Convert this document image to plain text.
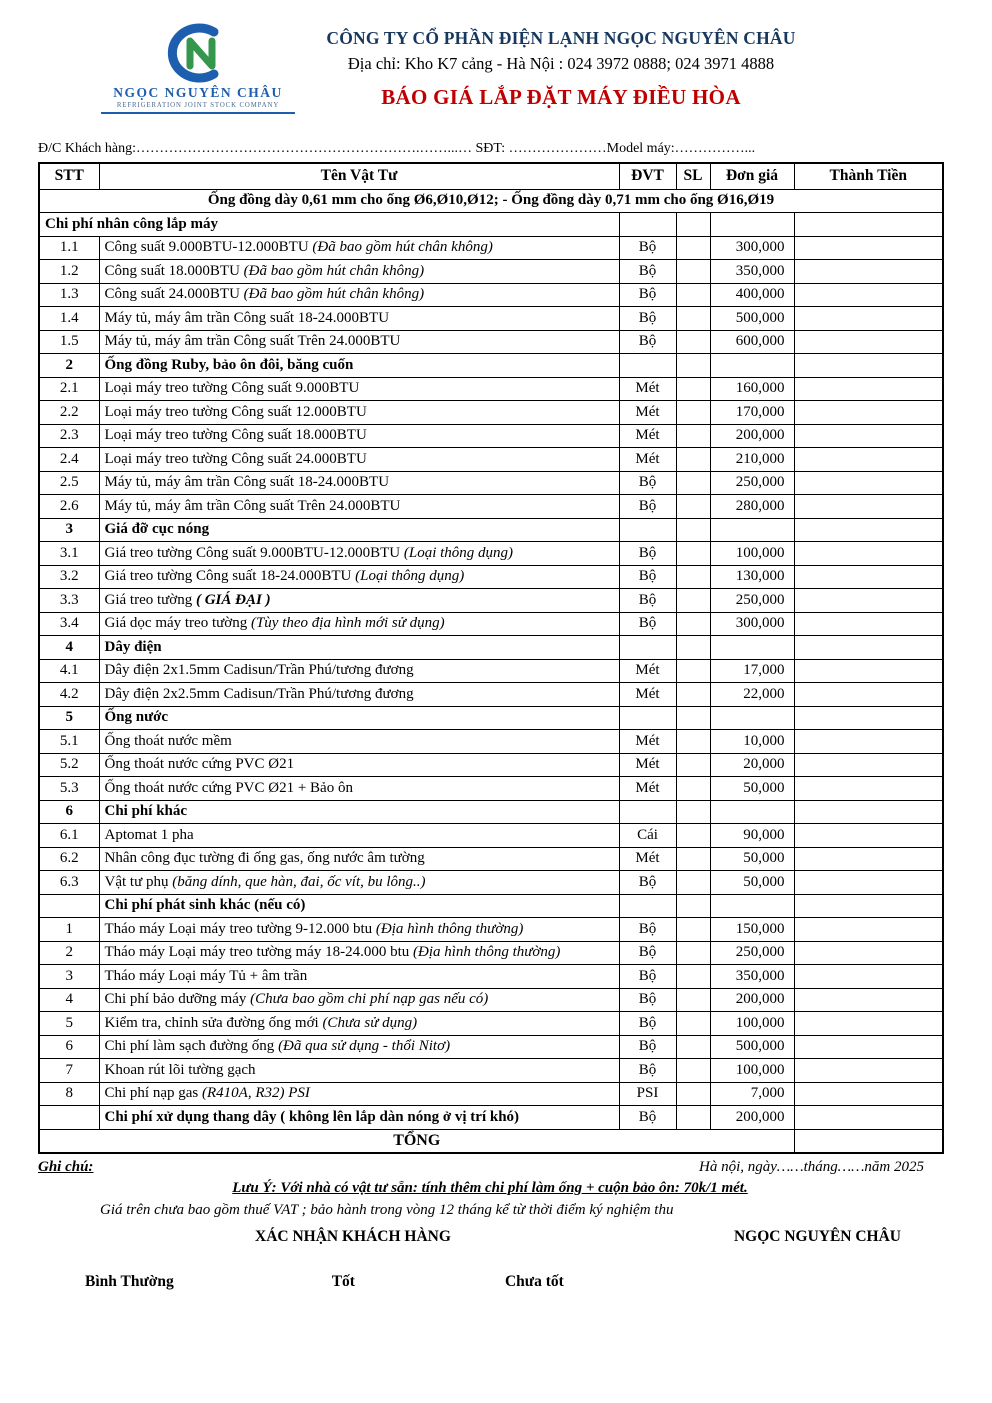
NGỌC NGUYÊN CHÂU
REFRIGERATION JOINT STOCK COMPANY
CÔNG TY CỔ PHẦN ĐIỆN LẠNH NGỌC NGUYÊN CHÂU
Địa chỉ: Kho K7 cảng - Hà Nội : 024 3972 0888; 024 3971 4888
BÁO GIÁ LẮP ĐẶT MÁY ĐIỀU HÒA
Đ/C Khách hàng:…………………………………………………….……...… SĐT: …………………Model máy:……………...
STT	Tên Vật Tư	ĐVT	SL	Đơn giá	Thành Tiền
Ống đồng dày 0,61 mm cho ống Ø6,Ø10,Ø12; - Ống đồng dày 0,71 mm cho ống Ø16,Ø19					
Chi phí nhân công lắp máy					
1.1	Công suất 9.000BTU-12.000BTU (Đã bao gồm hút chân không)	Bộ		300,000	
1.2	Công suất 18.000BTU (Đã bao gồm hút chân không)	Bộ		350,000	
1.3	Công suất 24.000BTU (Đã bao gồm hút chân không)	Bộ		400,000	
1.4	Máy tủ, máy âm trần Công suất 18-24.000BTU	Bộ		500,000	
1.5	Máy tủ, máy âm trần Công suất Trên 24.000BTU	Bộ		600,000	
2	Ống đồng Ruby, bảo ôn đôi, băng cuốn				
2.1	Loại máy treo tường Công suất 9.000BTU	Mét		160,000	
2.2	Loại máy treo tường Công suất 12.000BTU	Mét		170,000	
2.3	Loại máy treo tường Công suất 18.000BTU	Mét		200,000	
2.4	Loại máy treo tường Công suất 24.000BTU	Mét		210,000	
2.5	Máy tủ, máy âm trần Công suất 18-24.000BTU	Bộ		250,000	
2.6	Máy tủ, máy âm trần Công suất Trên 24.000BTU	Bộ		280,000	
3	Giá đỡ cục nóng				
3.1	Giá treo tường Công suất 9.000BTU-12.000BTU (Loại thông dụng)	Bộ		100,000	
3.2	Giá treo tường Công suất 18-24.000BTU (Loại thông dụng)	Bộ		130,000	
3.3	Giá treo tường ( GIÁ ĐẠI )	Bộ		250,000	
3.4	Giá dọc máy treo tường (Tùy theo địa hình mới sử dụng)	Bộ		300,000	
4	Dây điện				
4.1	Dây điện 2x1.5mm Cadisun/Trần Phú/tương đương	Mét		17,000	
4.2	Dây điện 2x2.5mm Cadisun/Trần Phú/tương đương	Mét		22,000	
5	Ống nước				
5.1	Ống thoát nước mềm	Mét		10,000	
5.2	Ống thoát nước cứng PVC Ø21	Mét		20,000	
5.3	Ống thoát nước cứng PVC Ø21 + Bảo ôn	Mét		50,000	
6	Chi phí khác				
6.1	Aptomat 1 pha	Cái		90,000	
6.2	Nhân công đục tường đi ống gas, ống nước âm tường	Mét		50,000	
6.3	Vật tư phụ (băng dính, que hàn, đai, ốc vít, bu lông..)	Bộ		50,000	
	Chi phí phát sinh khác (nếu có)				
1	Tháo máy Loại máy treo tường 9-12.000 btu (Địa hình thông thường)	Bộ		150,000	
2	Tháo máy Loại máy treo tường máy 18-24.000 btu (Địa hình thông thường)	Bộ		250,000	
3	Tháo máy Loại máy Tủ + âm trần	Bộ		350,000	
4	Chi phí bảo dưỡng máy (Chưa bao gồm chi phí nạp gas nếu có)	Bộ		200,000	
5	Kiểm tra, chỉnh sửa đường ống mới (Chưa sử dụng)	Bộ		100,000	
6	Chi phí làm sạch đường ống (Đã qua sử dụng - thổi Nitơ)	Bộ		500,000	
7	Khoan rút lõi tường gạch	Bộ		100,000	
8	Chi phí nạp gas (R410A, R32) PSI	PSI		7,000	
	Chi phí xử dụng thang dây ( không lên lắp dàn nóng ở vị trí khó)	Bộ		200,000	
TỔNG					
Ghi chú:	Hà nội, ngày……tháng……năm 2025
Lưu Ý: Với nhà có vật tư sẵn: tính thêm chi phí làm ống + cuộn bảo ôn: 70k/1 mét.
Giá trên chưa bao gồm thuế VAT ; bảo hành trong vòng 12 tháng kể từ thời điểm ký nghiệm thu
XÁC NHẬN KHÁCH HÀNG	NGỌC NGUYÊN CHÂU
Bình Thường	Tốt	Chưa tốt
